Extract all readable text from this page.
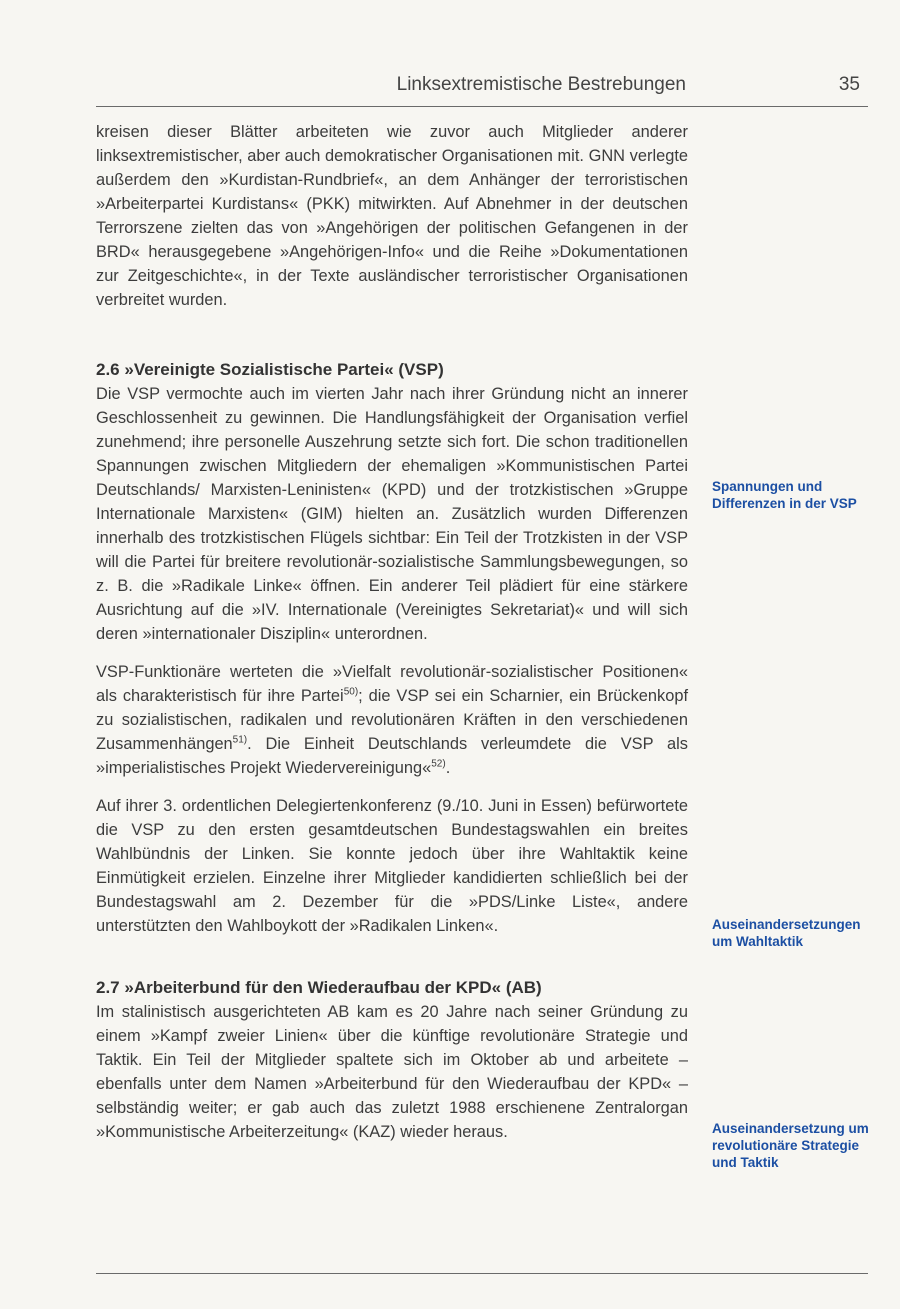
Linksextremistische Bestrebungen	35

kreisen dieser Blätter arbeiteten wie zuvor auch Mitglieder anderer linksextremistischer, aber auch demokratischer Organisationen mit. GNN verlegte außerdem den »Kurdistan-Rundbrief«, an dem Anhänger der terroristischen »Arbeiterpartei Kurdistans« (PKK) mitwirkten. Auf Abnehmer in der deutschen Terrorszene zielten das von »Angehörigen der politischen Gefangenen in der BRD« herausgegebene »Angehörigen-Info« und die Reihe »Dokumentationen zur Zeitgeschichte«, in der Texte ausländischer terroristischer Organisationen verbreitet wurden.

2.6 »Vereinigte Sozialistische Partei« (VSP)

Die VSP vermochte auch im vierten Jahr nach ihrer Gründung nicht an innerer Geschlossenheit zu gewinnen. Die Handlungsfähigkeit der Organisation verfiel zunehmend; ihre personelle Auszehrung setzte sich fort. Die schon traditionellen Spannungen zwischen Mitgliedern der ehemaligen »Kommunistischen Partei Deutschlands/ Marxisten-Leninisten« (KPD) und der trotzkistischen »Gruppe Internationale Marxisten« (GIM) hielten an. Zusätzlich wurden Differenzen innerhalb des trotzkistischen Flügels sichtbar: Ein Teil der Trotzkisten in der VSP will die Partei für breitere revolutionär-sozialistische Sammlungsbewegungen, so z. B. die »Radikale Linke« öffnen. Ein anderer Teil plädiert für eine stärkere Ausrichtung auf die »IV. Internationale (Vereinigtes Sekretariat)« und will sich deren »internationaler Disziplin« unterordnen.

VSP-Funktionäre werteten die »Vielfalt revolutionär-sozialistischer Positionen« als charakteristisch für ihre Partei$^{50)}$; die VSP sei ein Scharnier, ein Brückenkopf zu sozialistischen, radikalen und revolutionären Kräften in den verschiedenen Zusammenhängen$^{51)}$. Die Einheit Deutschlands verleumdete die VSP als »imperialistisches Projekt Wiedervereinigung«$^{52)}$.

Auf ihrer 3. ordentlichen Delegiertenkonferenz (9./10. Juni in Essen) befürwortete die VSP zu den ersten gesamtdeutschen Bundestagswahlen ein breites Wahlbündnis der Linken. Sie konnte jedoch über ihre Wahltaktik keine Einmütigkeit erzielen. Einzelne ihrer Mitglieder kandidierten schließlich bei der Bundestagswahl am 2. Dezember für die »PDS/Linke Liste«, andere unterstützten den Wahlboykott der »Radikalen Linken«.

2.7 »Arbeiterbund für den Wiederaufbau der KPD« (AB)

Im stalinistisch ausgerichteten AB kam es 20 Jahre nach seiner Gründung zu einem »Kampf zweier Linien« über die künftige revolutionäre Strategie und Taktik. Ein Teil der Mitglieder spaltete sich im Oktober ab und arbeitete – ebenfalls unter dem Namen »Arbeiterbund für den Wiederaufbau der KPD« – selbständig weiter; er gab auch das zuletzt 1988 erschienene Zentralorgan »Kommunistische Arbeiterzeitung« (KAZ) wieder heraus.

Spannungen und Differenzen in der VSP
Auseinandersetzungen um Wahltaktik
Auseinandersetzung um revolutionäre Strategie und Taktik
